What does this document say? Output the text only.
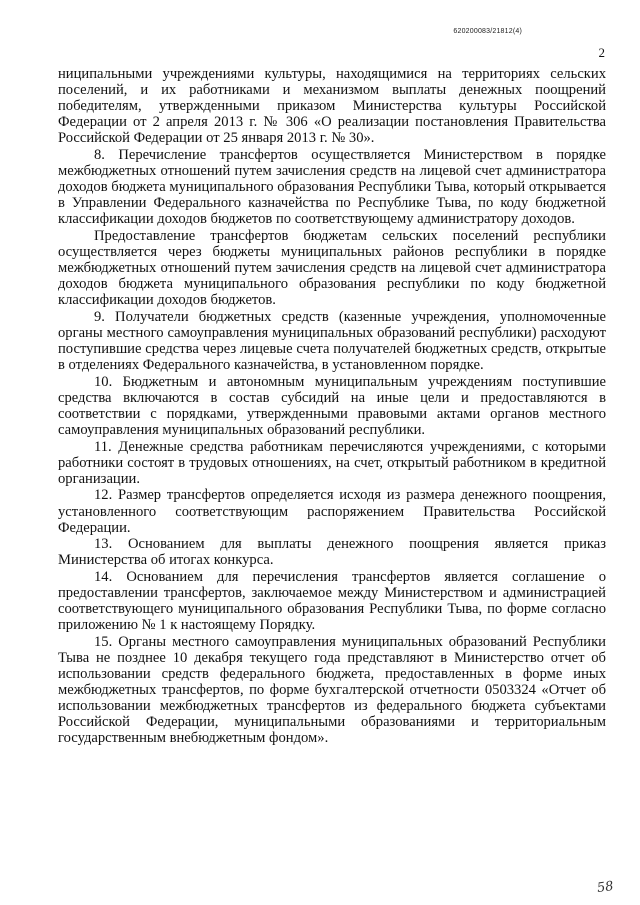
620200083/21812(4)
2

ниципальными учреждениями культуры, находящимися на территориях сельских поселений, и их работниками и механизмом выплаты денежных поощрений победителям, утвержденными приказом Министерства культуры Российской Федерации от 2 апреля 2013 г. № 306 «О реализации постановления Правительства Российской Федерации от 25 января 2013 г. № 30».

8. Перечисление трансфертов осуществляется Министерством в порядке межбюджетных отношений путем зачисления средств на лицевой счет администратора доходов бюджета муниципального образования Республики Тыва, который открывается в Управлении Федерального казначейства по Республике Тыва, по коду бюджетной классификации доходов бюджетов по соответствующему администратору доходов.

Предоставление трансфертов бюджетам сельских поселений республики осуществляется через бюджеты муниципальных районов республики в порядке межбюджетных отношений путем зачисления средств на лицевой счет администратора доходов бюджета муниципального образования республики по коду бюджетной классификации доходов бюджетов.

9. Получатели бюджетных средств (казенные учреждения, уполномоченные органы местного самоуправления муниципальных образований республики) расходуют поступившие средства через лицевые счета получателей бюджетных средств, открытые в отделениях Федерального казначейства, в установленном порядке.

10. Бюджетным и автономным муниципальным учреждениям поступившие средства включаются в состав субсидий на иные цели и предоставляются в соответствии с порядками, утвержденными правовыми актами органов местного самоуправления муниципальных образований республики.

11. Денежные средства работникам перечисляются учреждениями, с которыми работники состоят в трудовых отношениях, на счет, открытый работником в кредитной организации.

12. Размер трансфертов определяется исходя из размера денежного поощрения, установленного соответствующим распоряжением Правительства Российской Федерации.

13. Основанием для выплаты денежного поощрения является приказ Министерства об итогах конкурса.

14. Основанием для перечисления трансфертов является соглашение о предоставлении трансфертов, заключаемое между Министерством и администрацией соответствующего муниципального образования Республики Тыва, по форме согласно приложению № 1 к настоящему Порядку.

15. Органы местного самоуправления муниципальных образований Республики Тыва не позднее 10 декабря текущего года представляют в Министерство отчет об использовании средств федерального бюджета, предоставленных в форме иных межбюджетных трансфертов, по форме бухгалтерской отчетности 0503324 «Отчет об использовании межбюджетных трансфертов из федерального бюджета субъектами Российской Федерации, муниципальными образованиями и территориальным государственным внебюджетным фондом».

58
